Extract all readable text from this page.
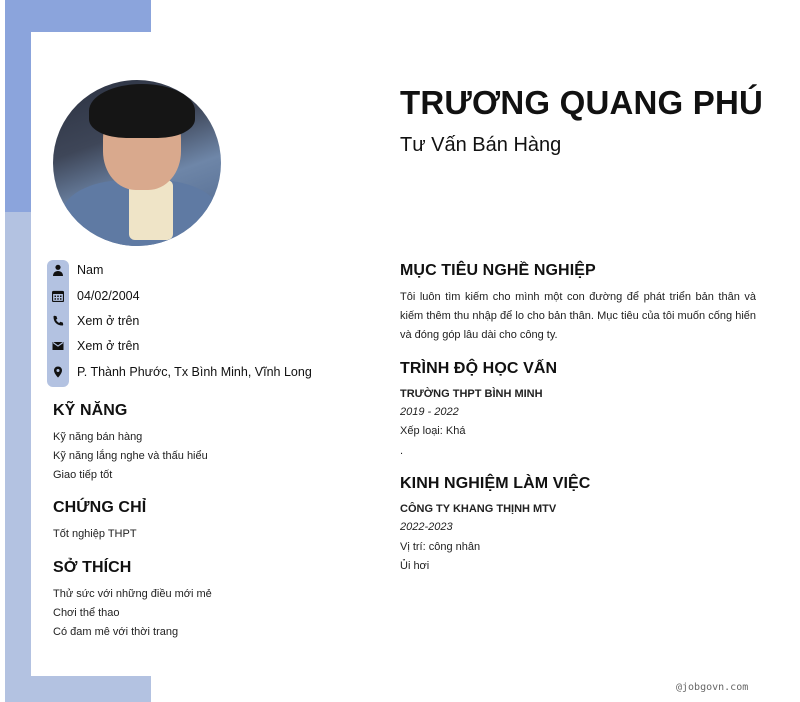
TRƯƠNG QUANG PHÚ
Tư Vấn Bán Hàng
Nam
04/02/2004
Xem ở trên
Xem ở trên
P. Thành Phước, Tx Bình Minh, Vĩnh Long
KỸ NĂNG
Kỹ năng bán hàng
Kỹ năng lắng nghe và thấu hiểu
Giao tiếp tốt
CHỨNG CHỈ
Tốt nghiệp THPT
SỞ THÍCH
Thử sức với những điều mới mẻ
Chơi thể thao
Có đam mê với thời trang
MỤC TIÊU NGHỀ NGHIỆP

Tôi luôn tìm kiếm cho mình một con đường để phát triển bản thân và kiếm thêm thu nhập để lo cho bản thân. Mục tiêu của tôi muốn cống hiến và đóng góp lâu dài cho công ty.

TRÌNH ĐỘ HỌC VẤN
TRƯỜNG THPT BÌNH MINH
2019 - 2022
Xếp loại: Khá
.
KINH NGHIỆM LÀM VIỆC
CÔNG TY KHANG THỊNH MTV
2022-2023
Vị trí: công nhân
Ủi hơi
@jobgovn.com
